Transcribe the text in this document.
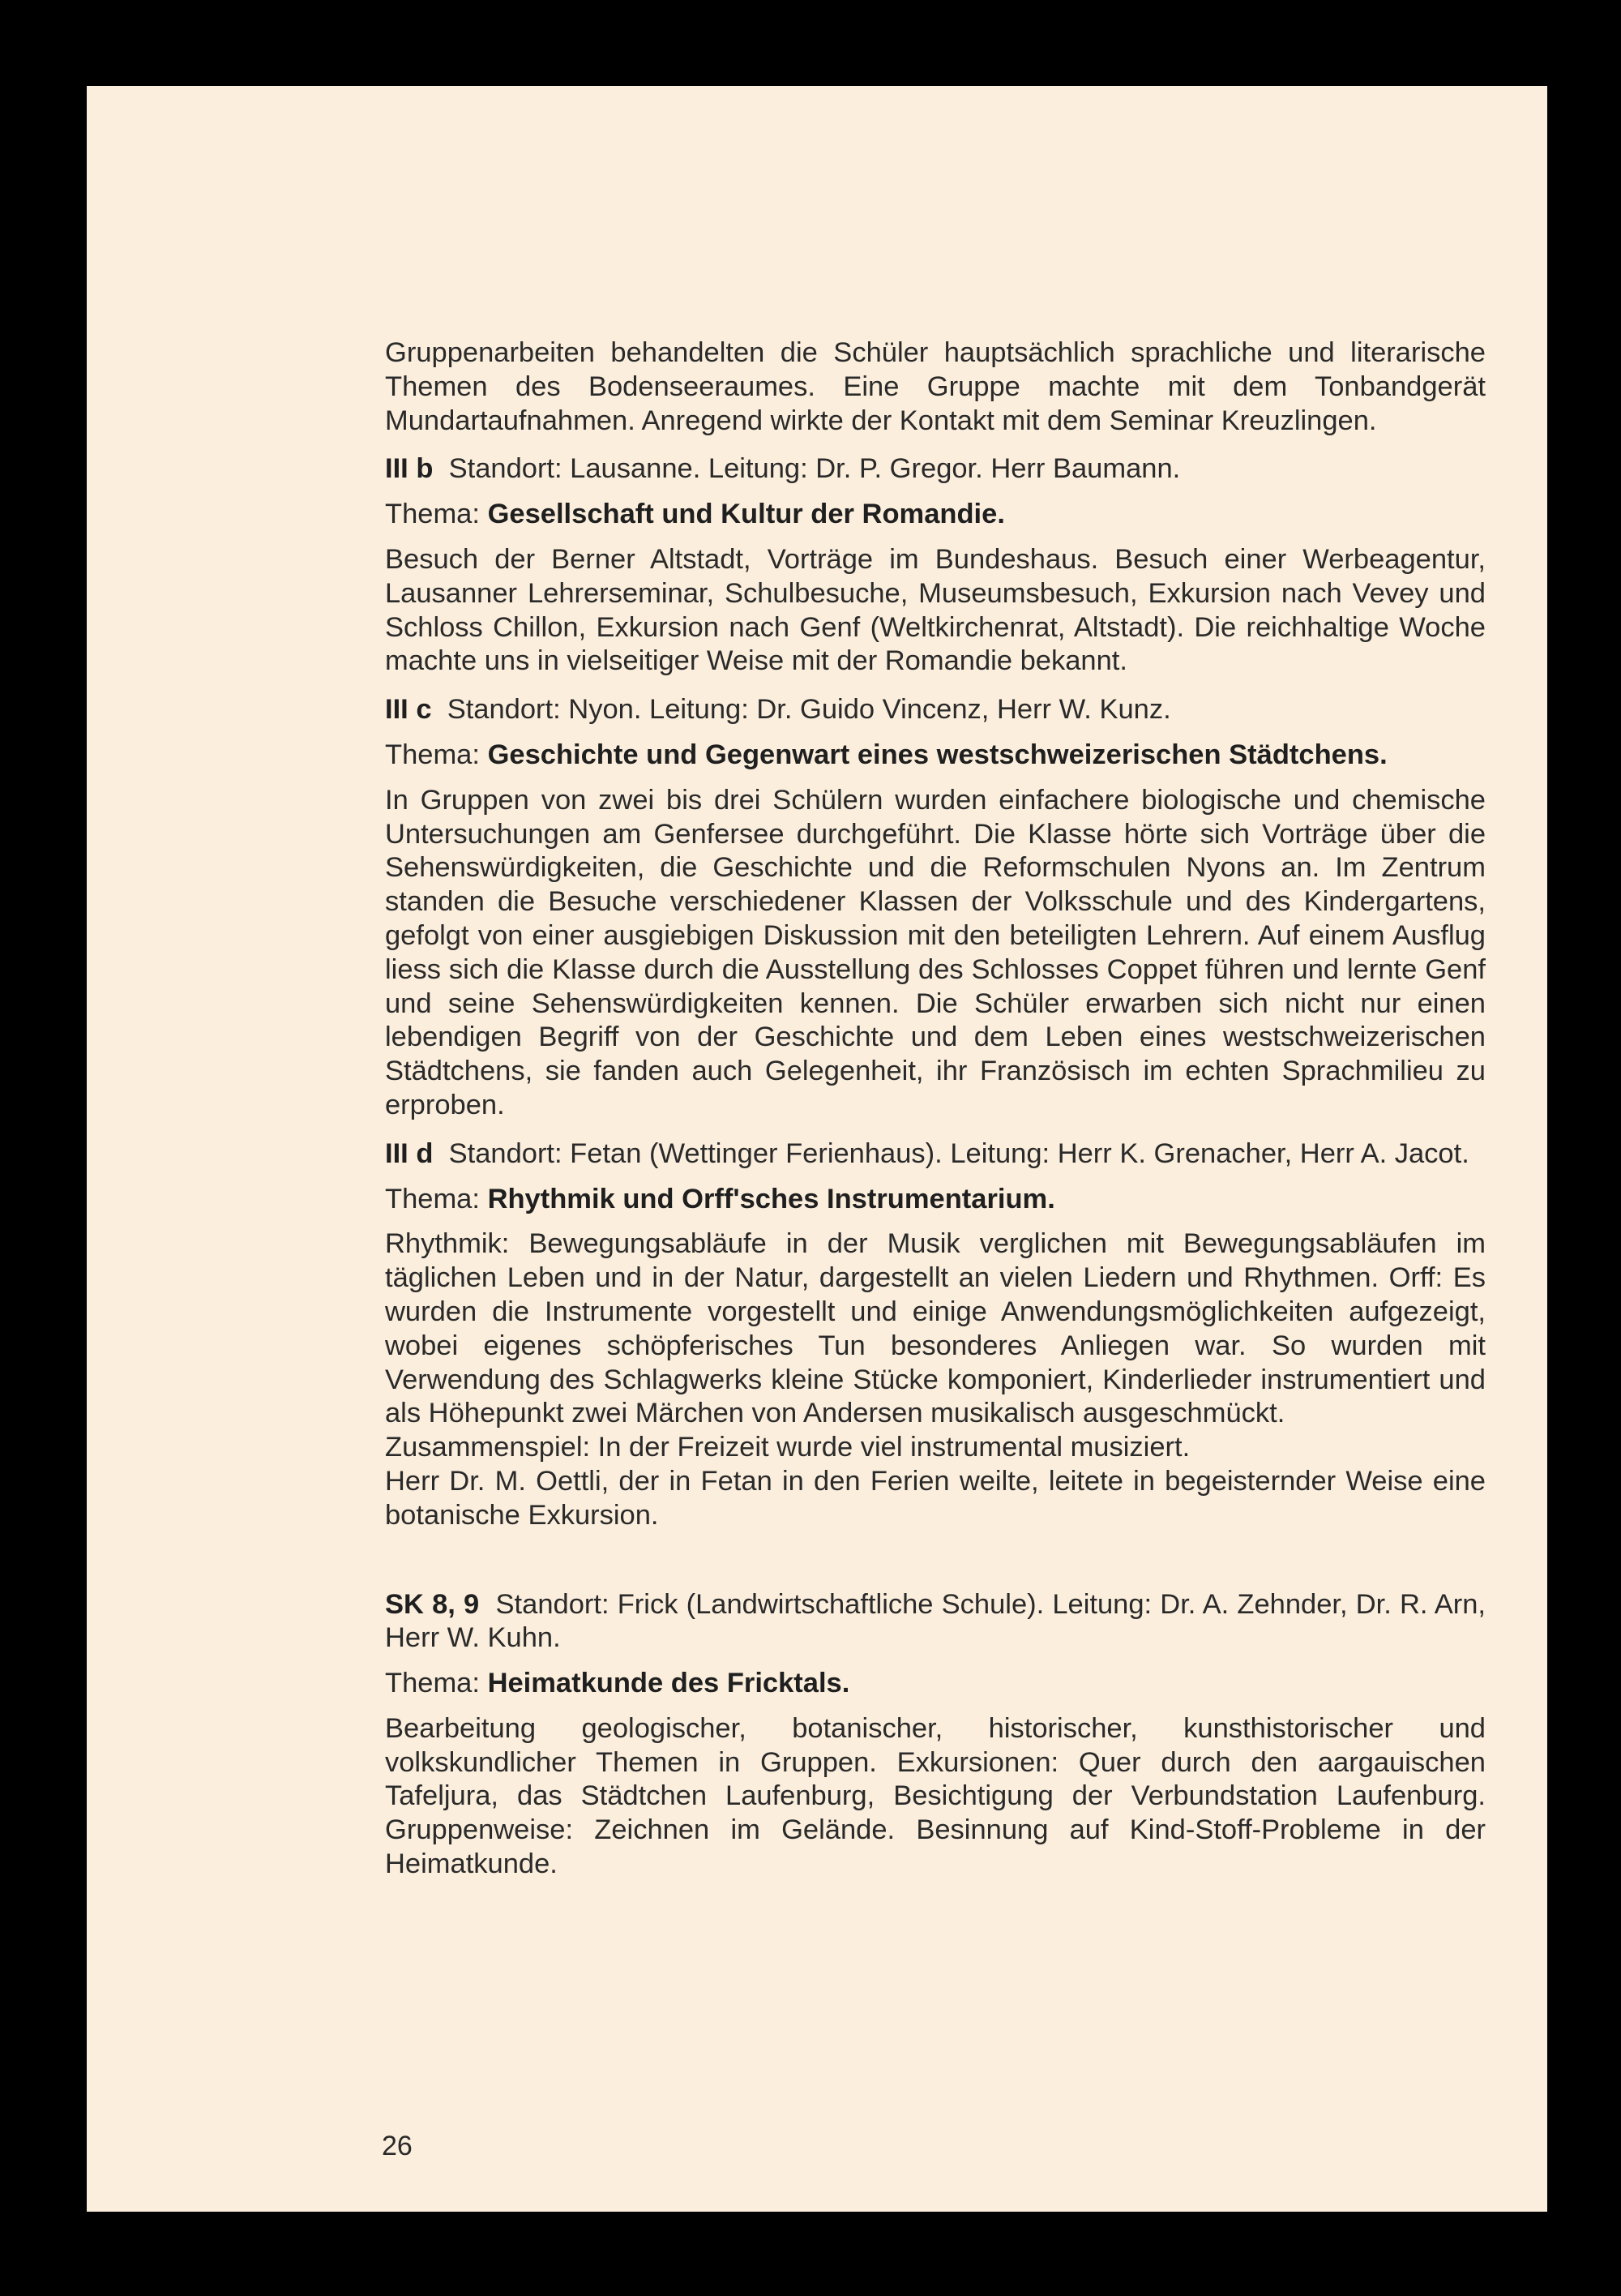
Gruppenarbeiten behandelten die Schüler hauptsächlich sprachliche und literarische Themen des Bodenseeraumes. Eine Gruppe machte mit dem Tonbandgerät Mundartaufnahmen. Anregend wirkte der Kontakt mit dem Seminar Kreuzlingen.

III b Standort: Lausanne. Leitung: Dr. P. Gregor. Herr Baumann.

Thema: Gesellschaft und Kultur der Romandie.

Besuch der Berner Altstadt, Vorträge im Bundeshaus. Besuch einer Werbeagentur, Lausanner Lehrerseminar, Schulbesuche, Museumsbesuch, Exkursion nach Vevey und Schloss Chillon, Exkursion nach Genf (Weltkirchenrat, Altstadt). Die reichhaltige Woche machte uns in vielseitiger Weise mit der Romandie bekannt.

III c Standort: Nyon. Leitung: Dr. Guido Vincenz, Herr W. Kunz.

Thema: Geschichte und Gegenwart eines westschweizerischen Städtchens.

In Gruppen von zwei bis drei Schülern wurden einfachere biologische und chemische Untersuchungen am Genfersee durchgeführt. Die Klasse hörte sich Vorträge über die Sehenswürdigkeiten, die Geschichte und die Reformschulen Nyons an. Im Zentrum standen die Besuche verschiedener Klassen der Volksschule und des Kindergartens, gefolgt von einer ausgiebigen Diskussion mit den beteiligten Lehrern. Auf einem Ausflug liess sich die Klasse durch die Ausstellung des Schlosses Coppet führen und lernte Genf und seine Sehenswürdigkeiten kennen. Die Schüler erwarben sich nicht nur einen lebendigen Begriff von der Geschichte und dem Leben eines westschweizerischen Städtchens, sie fanden auch Gelegenheit, ihr Französisch im echten Sprachmilieu zu erproben.

III d Standort: Fetan (Wettinger Ferienhaus). Leitung: Herr K. Grenacher, Herr A. Jacot.

Thema: Rhythmik und Orff'sches Instrumentarium.

Rhythmik: Bewegungsabläufe in der Musik verglichen mit Bewegungsabläufen im täglichen Leben und in der Natur, dargestellt an vielen Liedern und Rhythmen. Orff: Es wurden die Instrumente vorgestellt und einige Anwendungsmöglichkeiten aufgezeigt, wobei eigenes schöpferisches Tun besonderes Anliegen war. So wurden mit Verwendung des Schlagwerks kleine Stücke komponiert, Kinderlieder instrumentiert und als Höhepunkt zwei Märchen von Andersen musikalisch ausgeschmückt.

Zusammenspiel: In der Freizeit wurde viel instrumental musiziert.

Herr Dr. M. Oettli, der in Fetan in den Ferien weilte, leitete in begeisternder Weise eine botanische Exkursion.

SK 8, 9 Standort: Frick (Landwirtschaftliche Schule). Leitung: Dr. A. Zehnder, Dr. R. Arn, Herr W. Kuhn.

Thema: Heimatkunde des Fricktals.

Bearbeitung geologischer, botanischer, historischer, kunsthistorischer und volkskundlicher Themen in Gruppen. Exkursionen: Quer durch den aargauischen Tafeljura, das Städtchen Laufenburg, Besichtigung der Verbundstation Laufenburg. Gruppenweise: Zeichnen im Gelände. Besinnung auf Kind-Stoff-Probleme in der Heimatkunde.

26
